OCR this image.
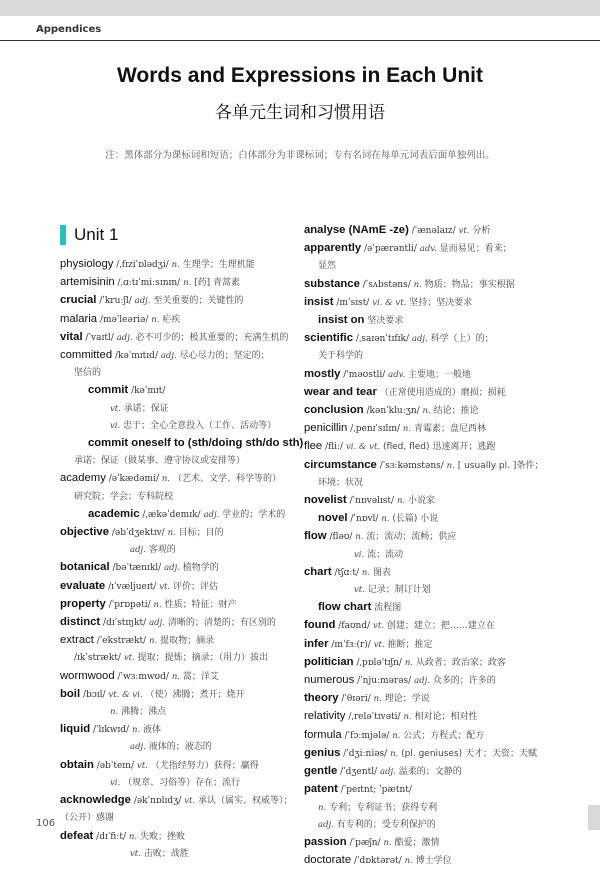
Appendices
Words and Expressions in Each Unit
各单元生词和习惯用语
注：黑体部分为课标词和短语；白体部分为非课标词；专有名词在每单元词表后面单独列出。
Unit 1
physiology /ˌfɪziˈɒlədʒi/ n. 生理学；生理机能
artemisinin /ˌɑːtɪˈmiːsɪnɪn/ n. [药] 青蒿素
crucial /ˈkruːʃl/ adj. 至关重要的；关键性的
malaria /məˈleəriə/ n. 疟疾
vital /ˈvaɪtl/ adj. 必不可少的；极其重要的；充满生机的
committed /kəˈmɪtɪd/ adj. 尽心尽力的；坚定的；
坚信的
commit /kəˈmɪt/
vt. 承诺；保证
vi. 忠于；全心全意投入（工作、活动等）
commit oneself to (sth/doing sth/do sth)
承诺；保证（做某事、遵守协议或安排等）
academy /əˈkædəmi/ n. （艺术、文学、科学等的）
研究院；学会；专科院校
academic /ˌækəˈdemɪk/ adj. 学业的；学术的
objective /əbˈdʒektɪv/ n. 目标；目的
adj. 客观的
botanical /bəˈtænɪkl/ adj. 植物学的
evaluate /ɪˈvæljueɪt/ vt. 评价；评估
property /ˈprɒpəti/ n. 性质；特征；财产
distinct /dɪˈstɪŋkt/ adj. 清晰的；清楚的；有区别的
extract /ˈekstrækt/ n. 提取物；摘录
/ɪkˈstrækt/ vt. 提取；提炼；摘录；（用力）拔出
wormwood /ˈwɜːmwʊd/ n. 蒿；洋艾
boil /bɔɪl/ vt. & vi. （使）沸腾；煮开；烧开
n. 沸腾；沸点
liquid /ˈlɪkwɪd/ n. 液体
adj. 液体的；液态的
obtain /əbˈteɪn/ vt. （尤指经努力）获得；赢得
vi. （规章、习俗等）存在；流行
acknowledge /əkˈnɒlɪdʒ/ vt. 承认（属实、权威等）；
（公开）感谢
defeat /dɪˈfiːt/ n. 失败；挫败
vt. 击败；战胜
analyse (NAmE -ze) /ˈænəlaɪz/ vt. 分析
apparently /əˈpærəntli/ adv. 显而易见；看来；
显然
substance /ˈsʌbstəns/ n. 物质；物品；事实根据
insist /ɪnˈsɪst/ vi. & vt. 坚持；坚决要求
insist on 坚决要求
scientific /ˌsaɪənˈtɪfɪk/ adj. 科学（上）的；
关于科学的
mostly /ˈməʊstli/ adv. 主要地；一般地
wear and tear （正常使用造成的）磨损；损耗
conclusion /kənˈkluːʒn/ n. 结论；推论
penicillin /ˌpenɪˈsɪlɪn/ n. 青霉素；盘尼西林
flee /fliː/ vi. & vt. (fled, fled) 迅速离开；逃跑
circumstance /ˈsɜːkəmstəns/ n. [ usually pl. ]条件；
环境；状况
novelist /ˈnɒvəlɪst/ n. 小说家
novel /ˈnɒvl/ n. (长篇) 小说
flow /fləʊ/ n. 流；流动；流畅；供应
vi. 流；流动
chart /tʃɑːt/ n. 图表
vt. 记录；制订计划
flow chart 流程图
found /faʊnd/ vt. 创建；建立；把……建立在
infer /ɪnˈfɜː(r)/ vt. 推断；推定
politician /ˌpɒləˈtɪʃn/ n. 从政者；政治家；政客
numerous /ˈnjuːmərəs/ adj. 众多的；许多的
theory /ˈθɪəri/ n. 理论；学说
relativity /ˌreləˈtɪvəti/ n. 相对论；相对性
formula /ˈfɔːmjələ/ n. 公式；方程式；配方
genius /ˈdʒiːniəs/ n. (pl. geniuses) 天才；天资；天赋
gentle /ˈdʒentl/ adj. 温柔的；文静的
patent /ˈpeɪtnt; ˈpætnt/
n. 专利；专利证书；获得专利
adj. 有专利的；受专利保护的
passion /ˈpæʃn/ n. 酷爱；激情
doctorate /ˈdɒktərət/ n. 博士学位
106
